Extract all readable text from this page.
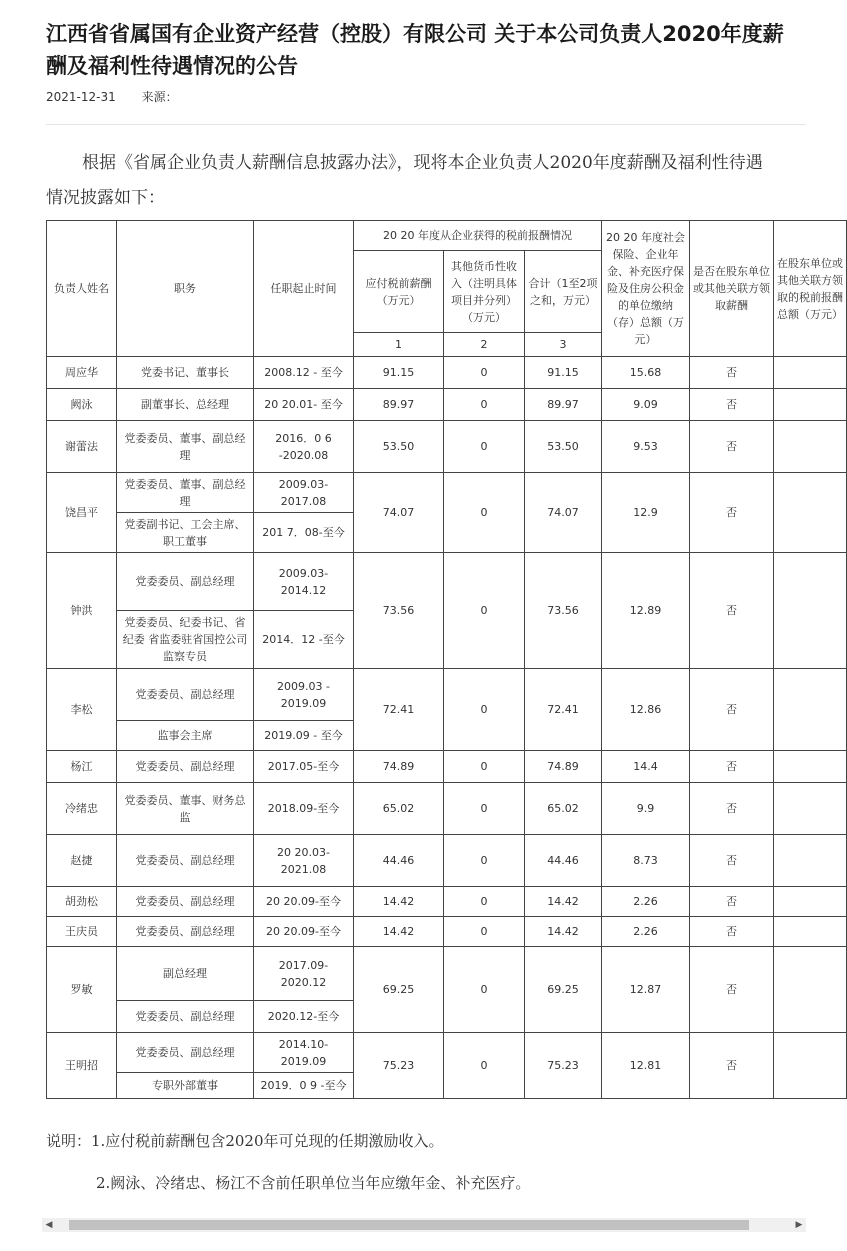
江西省省属国有企业资产经营（控股）有限公司 关于本公司负责人2020年度薪酬及福利性待遇情况的公告
2021-12-31 来源：

根据《省属企业负责人薪酬信息披露办法》，现将本企业负责人2020年度薪酬及福利性待遇情况披露如下：

负责人姓名	职务	任职起止时间	20 20 年度从企业获得的税前报酬情况			20 20 年度社会保险、企业年金、补充医疗保险及住房公积金的单位缴纳（存）总额（万元）	是否在股东单位或其他关联方领取薪酬	在股东单位或其他关联方领取的税前报酬总额（万元）
			应付税前薪酬（万元）	其他货币性收入（注明具体项目并分列）（万元）	合计（1至2项之和，万元）			
			1	2	3			
周应华	党委书记、董事长	2008.12 - 至今	91.15	0	91.15	15.68	否	
阙泳	副董事长、总经理	20 20.01- 至今	89.97	0	89.97	9.09	否	
谢蕾法	党委委员、董事、副总经理	2016．0 6 -2020.08	53.50	0	53.50	9.53	否	
饶昌平	党委委员、董事、副总经理	2009.03-2017.08	74.07	0	74.07	12.9	否	
	党委副书记、工会主席、职工董事	201 7．08-至今						
钟洪	党委委员、副总经理	2009.03-2014.12	73.56	0	73.56	12.89	否	
	党委委员、纪委书记、省纪委 省监委驻省国控公司监察专员	2014．12 -至今						
李松	党委委员、副总经理	2009.03 - 2019.09	72.41	0	72.41	12.86	否	
	监事会主席	2019.09 - 至今						
杨江	党委委员、副总经理	2017.05-至今	74.89	0	74.89	14.4	否	
冷绪忠	党委委员、董事、财务总监	2018.09-至今	65.02	0	65.02	9.9	否	
赵捷	党委委员、副总经理	20 20.03-2021.08	44.46	0	44.46	8.73	否	
胡劲松	党委委员、副总经理	20 20.09-至今	14.42	0	14.42	2.26	否	
王庆员	党委委员、副总经理	20 20.09-至今	14.42	0	14.42	2.26	否	
罗敏	副总经理	2017.09-2020.12	69.25	0	69.25	12.87	否	
	党委委员、副总经理	2020.12-至今						
王明招	党委委员、副总经理	2014.10-2019.09	75.23	0	75.23	12.81	否	
	专职外部董事	2019．0 9 -至今						

说明：1.应付税前薪酬包含2020年可兑现的任期激励收入。

2.阙泳、冷绪忠、杨江不含前任职单位当年应缴年金、补充医疗。

◀	▶
